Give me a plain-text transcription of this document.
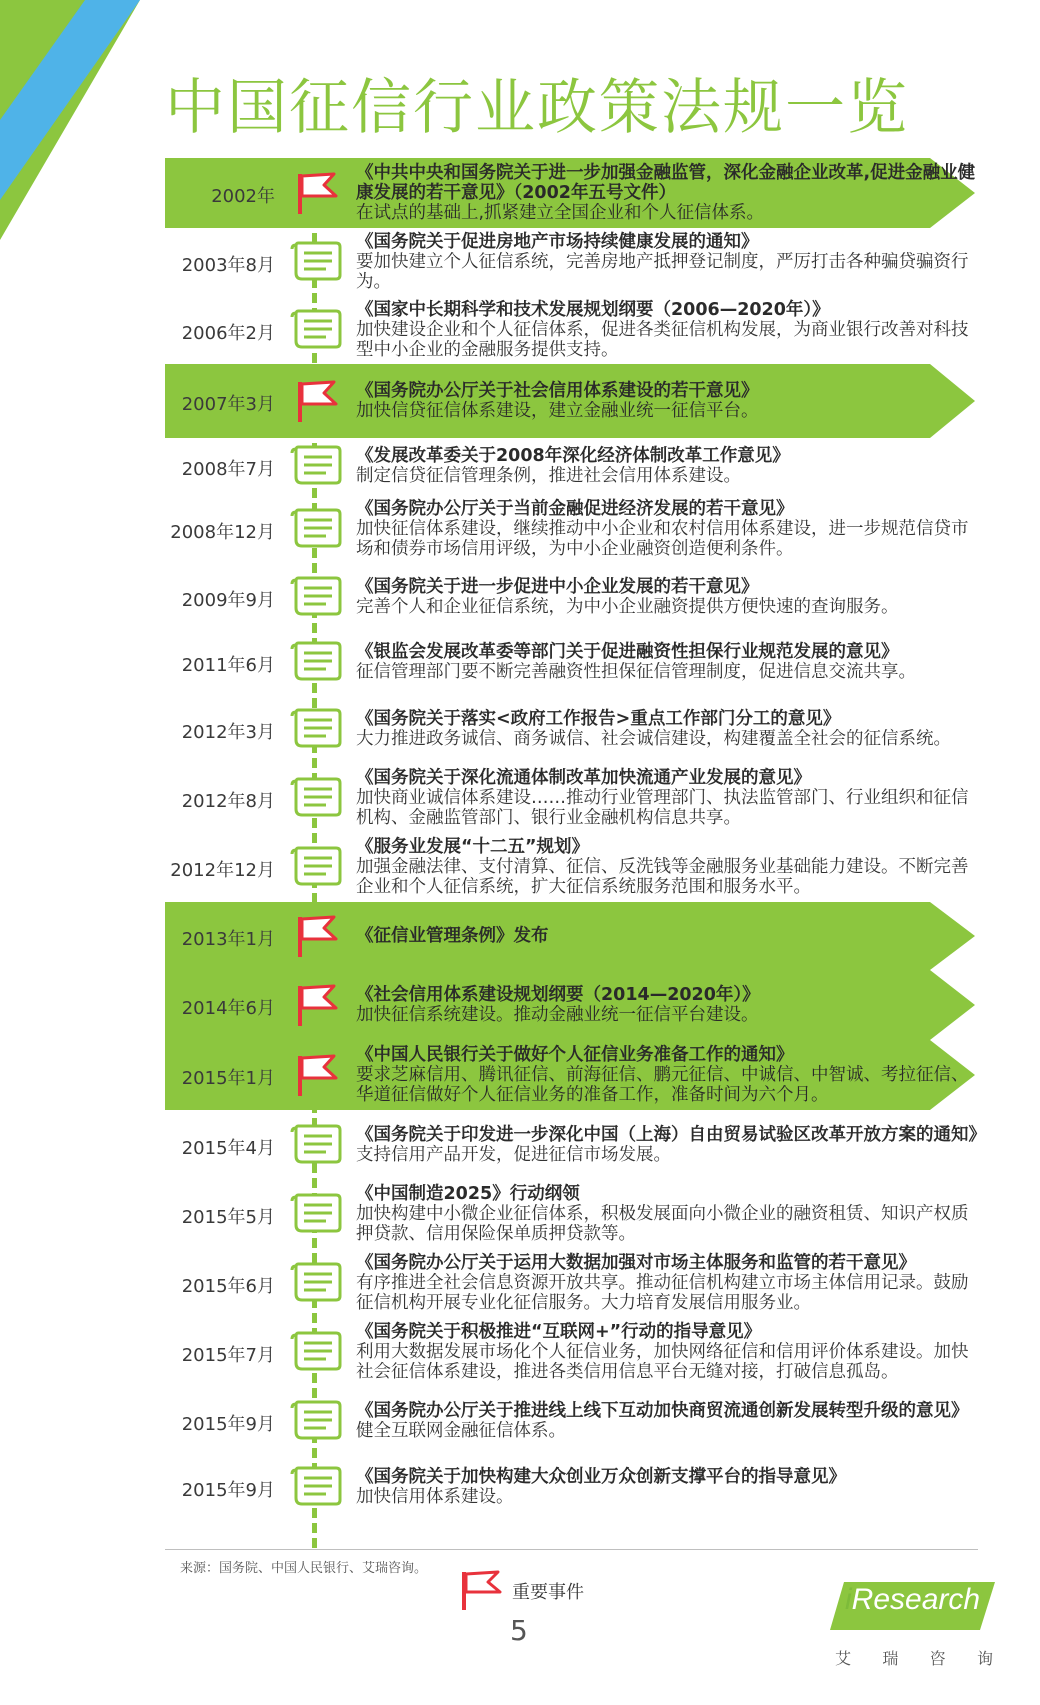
中国征信行业政策法规一览
2002年
《中共中央和国务院关于进一步加强金融监管，深化金融企业改革,促进金融业健康发展的若干意见》（2002年五号文件）
在试点的基础上,抓紧建立全国企业和个人征信体系。
2003年8月
《国务院关于促进房地产市场持续健康发展的通知》
要加快建立个人征信系统，完善房地产抵押登记制度，严厉打击各种骗贷骗资行为。
2006年2月
《国家中长期科学和技术发展规划纲要（2006—2020年）》
加快建设企业和个人征信体系，促进各类征信机构发展，为商业银行改善对科技型中小企业的金融服务提供支持。
2007年3月
《国务院办公厅关于社会信用体系建设的若干意见》
加快信贷征信体系建设，建立金融业统一征信平台。
2008年7月
《发展改革委关于2008年深化经济体制改革工作意见》
制定信贷征信管理条例，推进社会信用体系建设。
2008年12月
《国务院办公厅关于当前金融促进经济发展的若干意见》
加快征信体系建设，继续推动中小企业和农村信用体系建设，进一步规范信贷市场和债券市场信用评级，为中小企业融资创造便利条件。
2009年9月
《国务院关于进一步促进中小企业发展的若干意见》
完善个人和企业征信系统，为中小企业融资提供方便快速的查询服务。
2011年6月
《银监会发展改革委等部门关于促进融资性担保行业规范发展的意见》
征信管理部门要不断完善融资性担保征信管理制度，促进信息交流共享。
2012年3月
《国务院关于落实<政府工作报告>重点工作部门分工的意见》
大力推进政务诚信、商务诚信、社会诚信建设，构建覆盖全社会的征信系统。
2012年8月
《国务院关于深化流通体制改革加快流通产业发展的意见》
加快商业诚信体系建设……推动行业管理部门、执法监管部门、行业组织和征信机构、金融监管部门、银行业金融机构信息共享。
2012年12月
《服务业发展“十二五”规划》
加强金融法律、支付清算、征信、反洗钱等金融服务业基础能力建设。不断完善企业和个人征信系统，扩大征信系统服务范围和服务水平。
2013年1月	《征信业管理条例》发布
2014年6月
《社会信用体系建设规划纲要（2014—2020年）》
加快征信系统建设。推动金融业统一征信平台建设。
2015年1月
《中国人民银行关于做好个人征信业务准备工作的通知》
要求芝麻信用、腾讯征信、前海征信、鹏元征信、中诚信、中智诚、考拉征信、华道征信做好个人征信业务的准备工作，准备时间为六个月。
2015年4月
《国务院关于印发进一步深化中国（上海）自由贸易试验区改革开放方案的通知》
支持信用产品开发，促进征信市场发展。
2015年5月
《中国制造2025》行动纲领
加快构建中小微企业征信体系，积极发展面向小微企业的融资租赁、知识产权质押贷款、信用保险保单质押贷款等。
2015年6月
《国务院办公厅关于运用大数据加强对市场主体服务和监管的若干意见》
有序推进全社会信息资源开放共享。推动征信机构建立市场主体信用记录。鼓励征信机构开展专业化征信服务。大力培育发展信用服务业。
2015年7月
《国务院关于积极推进“互联网+”行动的指导意见》
利用大数据发展市场化个人征信业务，加快网络征信和信用评价体系建设。加快社会征信体系建设，推进各类信用信息平台无缝对接，打破信息孤岛。
2015年9月
《国务院办公厅关于推进线上线下互动加快商贸流通创新发展转型升级的意见》
健全互联网金融征信体系。
2015年9月
《国务院关于加快构建大众创业万众创新支撑平台的指导意见》
加快信用体系建设。
来源：国务院、中国人民银行、艾瑞咨询。
重要事件
5
iResearch
艾 瑞 咨 询
